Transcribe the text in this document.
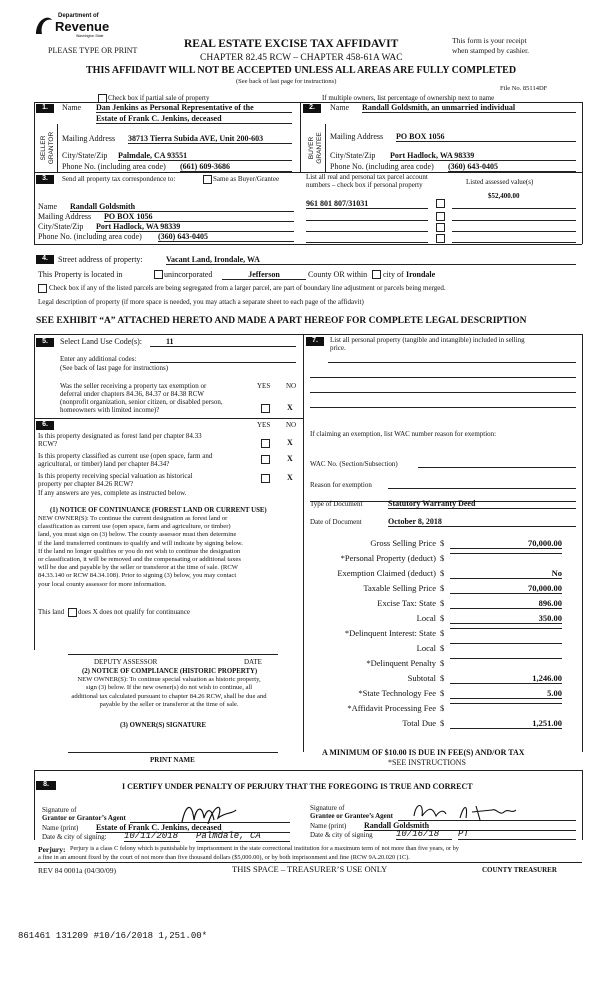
Department of
Revenue
Washington State
PLEASE TYPE OR PRINT
REAL ESTATE EXCISE TAX AFFIDAVIT
CHAPTER 82.45 RCW – CHAPTER 458-61A WAC
THIS AFFIDAVIT WILL NOT BE ACCEPTED UNLESS ALL AREAS ARE FULLY COMPLETED
(See back of last page for instructions)
This form is your receipt
when stamped by cashier.
File No. 85114DF
Check box if partial sale of property	If multiple owners, list percentage of ownership next to name
1.	Name Dan Jenkins as Personal Representative of the
Estate of Frank C. Jenkins, deceased
SELLER GRANTOR Mailing Address 38713 Tierra Subida AVE, Unit 200-603
City/State/Zip Palmdale, CA 93551
Phone No. (including area code) (661) 609-3686
2.	Name Randall Goldsmith, an unmarried individual
BUYER GRANTEE Mailing Address PO BOX 1056
City/State/Zip Port Hadlock, WA 98339
Phone No. (including area code) (360) 643-0405
3.	Send all property tax correspondence to:	Same as Buyer/Grantee	List all real and personal tax parcel account
numbers – check box if personal property	Listed assessed value(s)
$52,400.00
961 801 807/31031
Name Randall Goldsmith
Mailing Address PO BOX 1056
City/State/Zip Port Hadlock, WA 98339
Phone No. (including area code) (360) 643-0405
4.	Street address of property:	Vacant Land, Irondale, WA
This Property is located in	unincorporated	Jefferson	County OR within city of Irondale
Check box if any of the listed parcels are being segregated from a larger parcel, are part of boundary line adjustment or parcels being merged.
Legal description of property (if more space is needed, you may attach a separate sheet to each page of the affidavit)
SEE EXHIBIT “A” ATTACHED HERETO AND MADE A PART HEREOF FOR COMPLETE LEGAL DESCRIPTION
5.	Select Land Use Code(s):	11
Enter any additional codes:
(See back of last page for instructions)
YES NO
Was the seller receiving a property tax exemption or
deferral under chapters 84.36, 84.37 or 84.38 RCW
(nonprofit organization, senior citizen, or disabled person,
homeowners with limited income)?	X
6.	YES NO
Is this property designated as forest land per chapter 84.33
RCW?	X
Is this property classified as current use (open space, farm and
agricultural, or timber) land per chapter 84.34?
X
Is this property receiving special valuation as historical
property per chapter 84.26 RCW?
X
If any answers are yes, complete as instructed below.
(1) NOTICE OF CONTINUANCE (FOREST LAND OR CURRENT USE)
NEW OWNER(S): To continue the current designation as forest land or
classification as current use (open space, farm and agriculture, or timber)
land, you must sign on (3) below. The county assessor must then determine
if the land transferred continues to qualify and will indicate by signing below.
If the land no longer qualifies or you do not wish to continue the designation
or classification, it will be removed and the compensating or additional taxes
will be due and payable by the seller or transferor at the time of sale. (RCW
84.33.140 or RCW 84.34.108). Prior to signing (3) below, you may contact
your local county assessor for more information.
This land does X does not qualify for continuance
DEPUTY ASSESSOR	DATE
(2) NOTICE OF COMPLIANCE (HISTORIC PROPERTY)
NEW OWNER(S): To continue special valuation as historic property,
sign (3) below. If the new owner(s) do not wish to continue, all
additional tax calculated pursuant to chapter 84.26 RCW, shall be due and
payable by the seller or transferor at the time of sale.
(3) OWNER(S) SIGNATURE
PRINT NAME
7.	List all personal property (tangible and intangible) included in selling
price.
If claiming an exemption, list WAC number reason for exemption:
WAC No. (Section/Subsection)
Reason for exemption
Type of Document	Statutory Warranty Deed
Date of Document	October 8, 2018
Gross Selling Price $	70,000.00
*Personal Property (deduct) $
Exemption Claimed (deduct) $	No
Taxable Selling Price $	70,000.00
Excise Tax: State $	896.00
Local $	350.00
*Delinquent Interest: State $
Local $
*Delinquent Penalty $
Subtotal $	1,246.00
*State Technology Fee $	5.00
*Affidavit Processing Fee $
Total Due $	1,251.00
A MINIMUM OF $10.00 IS DUE IN FEE(S) AND/OR TAX
*SEE INSTRUCTIONS
8.	I CERTIFY UNDER PENALTY OF PERJURY THAT THE FOREGOING IS TRUE AND CORRECT
Signature of
Grantor or Grantor’s Agent
Name (print) Estate of Frank C. Jenkins, deceased
Date & city of signing: 10/11/2018 Palmdale, CA
Signature of
Grantee or Grantee’s Agent
Name (print) Randall Goldsmith
Date & city of signing	10/16/18	PT
Perjury: Perjury is a class C felony which is punishable by imprisonment in the state correctional institution for a maximum term of not more than five years, or by
a fine in an amount fixed by the court of not more than five thousand dollars ($5,000.00), or by both imprisonment and fine (RCW 9A.20.020 (1C).
REV 84 0001a (04/30/09)	THIS SPACE – TREASURER’S USE ONLY	COUNTY TREASURER
861461 131209 #10/16/2018 1,251.00*
